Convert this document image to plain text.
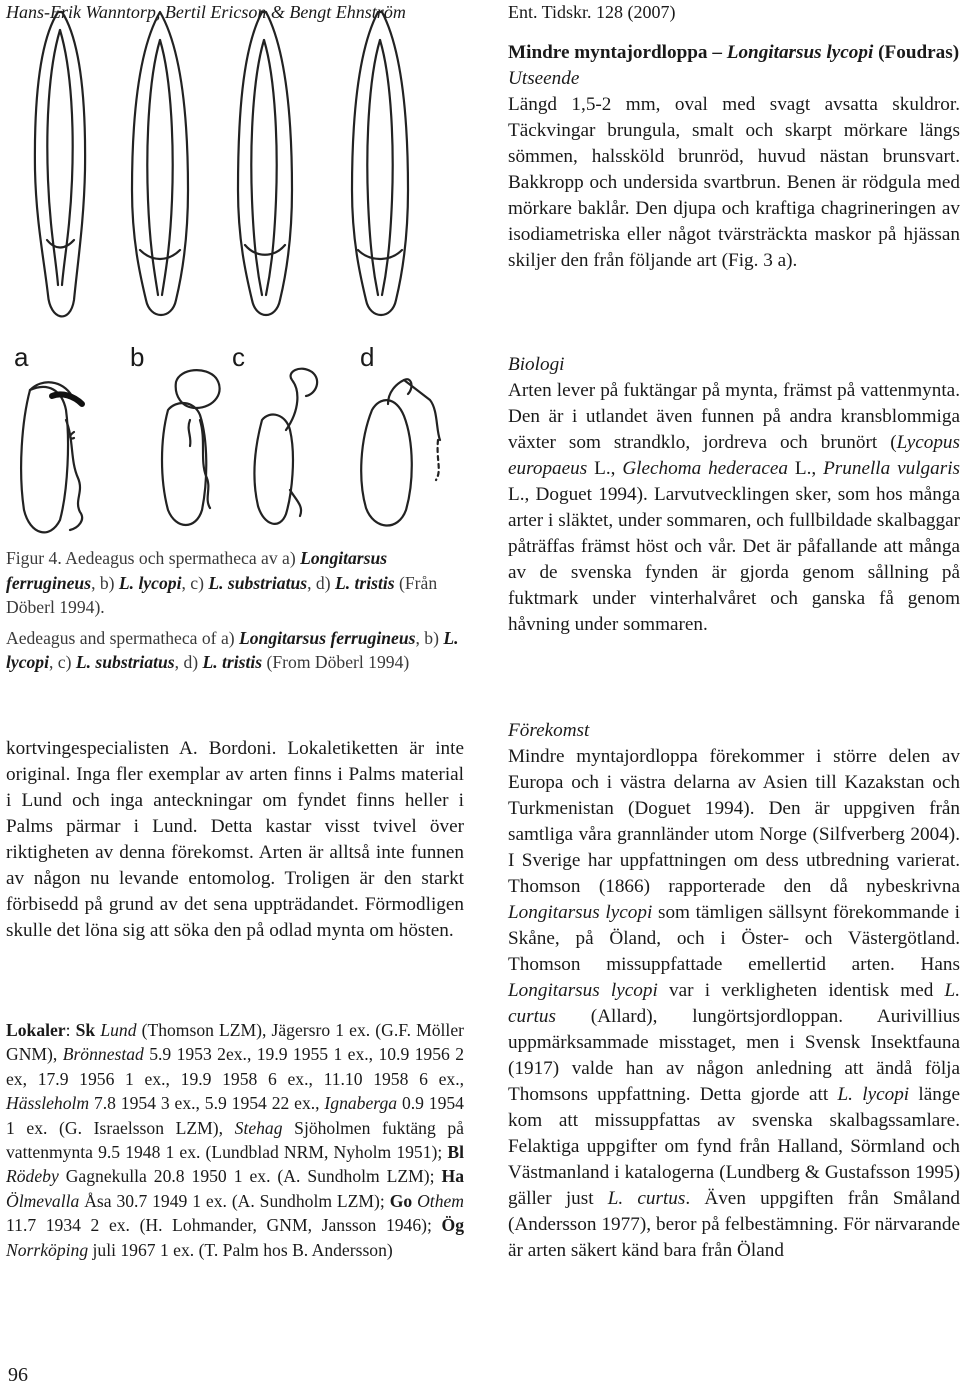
Hans-Erik Wanntorp, Bertil Ericson & Bengt Ehnström	Ent. Tidskr. 128 (2007)
a	b	c	d

Figur 4. Aedeagus och spermatheca av a) Longitarsus ferrugineus, b) L. lycopi, c) L. substriatus, d) L. tristis (Från Döberl 1994).

Aedeagus and spermatheca of a) Longitarsus ferrugineus, b) L. lycopi, c) L. substriatus, d) L. tristis (From Döberl 1994)

Mindre myntajordloppa – Longitarsus lycopi (Foudras)

Utseende

Längd 1,5-2 mm, oval med svagt avsatta skuldror. Täckvingar brungula, smalt och skarpt mörkare längs sömmen, halssköld brunröd, huvud nästan brunsvart. Bakkropp och undersida svartbrun. Benen är rödgula med mörkare baklår. Den djupa och kraftiga chagrineringen av isodiametriska eller något tvärsträckta maskor på hjässan skiljer den från följande art (Fig. 3 a).

Biologi

Arten lever på fuktängar på mynta, främst på vattenmynta. Den är i utlandet även funnen på andra kransblommiga växter som strandklo, jordreva och brunört (Lycopus europaeus L., Glechoma hederacea L., Prunella vulgaris L., Doguet 1994). Larvutvecklingen sker, som hos många arter i släktet, under sommaren, och fullbildade skalbaggar påträffas främst höst och vår. Det är påfallande att många av de svenska fynden är gjorda genom sållning på fuktmark under vinterhalvåret och ganska få genom håvning under sommaren.

Förekomst

Mindre myntajordloppa förekommer i större delen av Europa och i västra delarna av Asien till Kazakstan och Turkmenistan (Doguet 1994). Den är uppgiven från samtliga våra grannländer utom Norge (Silfverberg 2004). I Sverige har uppfattningen om dess utbredning varierat. Thomson (1866) rapporterade den då nybeskrivna Longitarsus lycopi som tämligen sällsynt förekommande i Skåne, på Öland, och i Öster- och Västergötland. Thomson missuppfattade emellertid arten. Hans Longitarsus lycopi var i verkligheten identisk med L. curtus (Allard), lungörtsjordloppan. Aurivillius uppmärksammade misstaget, men i Svensk Insektfauna (1917) valde han av någon anledning att ändå följa Thomsons uppfattning. Detta gjorde att L. lycopi länge kom att missuppfattas av svenska skalbagssamlare. Felaktiga uppgifter om fynd från Halland, Sörmland och Västmanland i katalogerna (Lundberg & Gustafsson 1995) gäller just L. curtus. Även uppgiften från Småland (Andersson 1977), beror på felbestämning. För närvarande är arten säkert känd bara från Öland

kortvingespecialisten A. Bordoni. Lokaletiketten är inte original. Inga fler exemplar av arten finns i Palms material i Lund och inga anteckningar om fyndet finns heller i Palms pärmar i Lund. Detta kastar visst tvivel över riktigheten av denna förekomst. Arten är alltså inte funnen av någon nu levande entomolog. Troligen är den starkt förbisedd på grund av det sena uppträdandet. Förmodligen skulle det löna sig att söka den på odlad mynta om hösten.
Lokaler: Sk Lund (Thomson LZM), Jägersro 1 ex. (G.F. Möller GNM), Brönnestad 5.9 1953 2ex., 19.9 1955 1 ex., 10.9 1956 2 ex, 17.9 1956 1 ex., 19.9 1958 6 ex., 11.10 1958 6 ex., Hässleholm 7.8 1954 3 ex., 5.9 1954 22 ex., Ignaberga 0.9 1954 1 ex. (G. Israelsson LZM), Stehag Sjöholmen fuktäng på vattenmynta 9.5 1948 1 ex. (Lundblad NRM, Nyholm 1951); Bl Rödeby Gagnekulla 20.8 1950 1 ex. (A. Sundholm LZM); Ha Ölmevalla Åsa 30.7 1949 1 ex. (A. Sundholm LZM); Go Othem 11.7 1934 2 ex. (H. Lohmander, GNM, Jansson 1946); Ög Norrköping juli 1967 1 ex. (T. Palm hos B. Andersson)
96
